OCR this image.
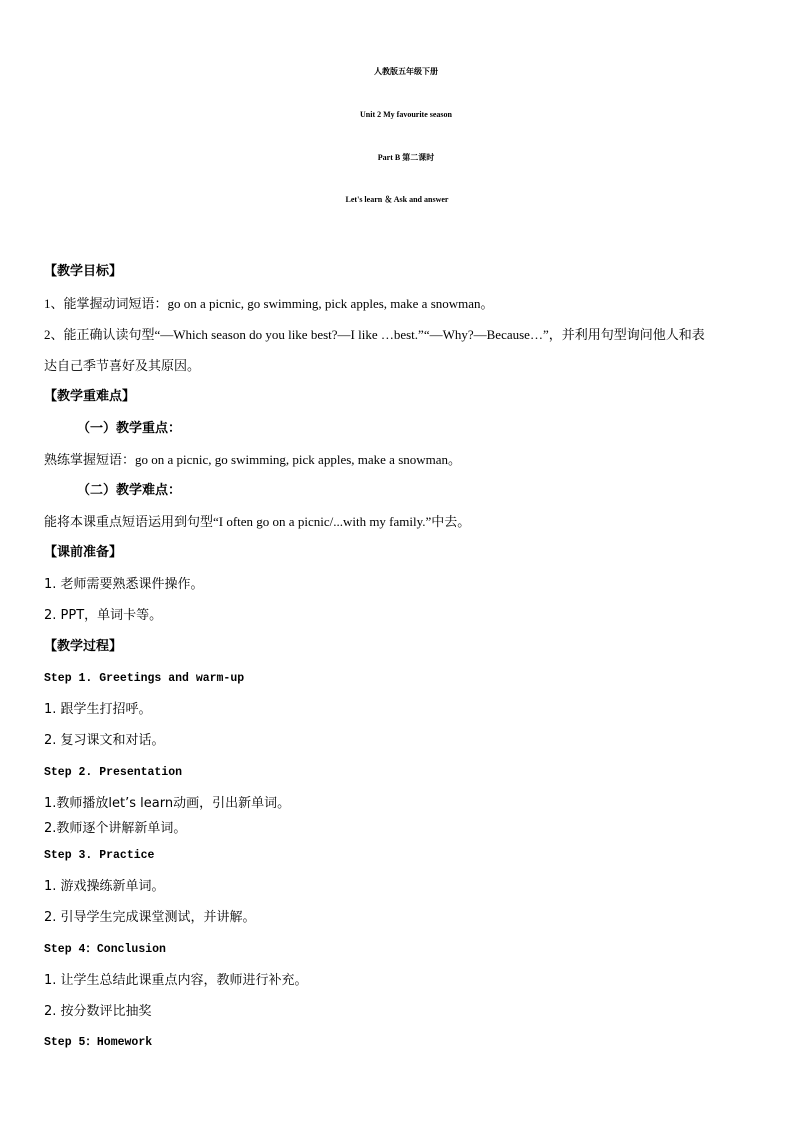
人教版五年级下册
Unit 2 My favourite season
Part B 第二课时
Let's learn ＆ Ask and answer
【教学目标】
1、能掌握动词短语：go on a picnic, go swimming, pick apples, make a snowman。
2、能正确认读句型“—Which season do you like best?—I like …best.”“—Why?—Because…”，并利用句型询问他人和表
达自己季节喜好及其原因。
【教学重难点】
（一）教学重点：
熟练掌握短语：go on a picnic, go swimming, pick apples, make a snowman。
（二）教学难点：
能将本课重点短语运用到句型“I often go on a picnic/...with my family.”中去。
【课前准备】
1. 老师需要熟悉课件操作。
2. PPT，单词卡等。
【教学过程】
Step 1. Greetings and warm-up
1. 跟学生打招呼。
2. 复习课文和对话。
Step 2. Presentation
1.教师播放let’s learn动画，引出新单词。
2.教师逐个讲解新单词。
Step 3. Practice
1. 游戏操练新单词。
2. 引导学生完成课堂测试，并讲解。
Step 4：Conclusion
1. 让学生总结此课重点内容，教师进行补充。
2. 按分数评比抽奖
Step 5：Homework
